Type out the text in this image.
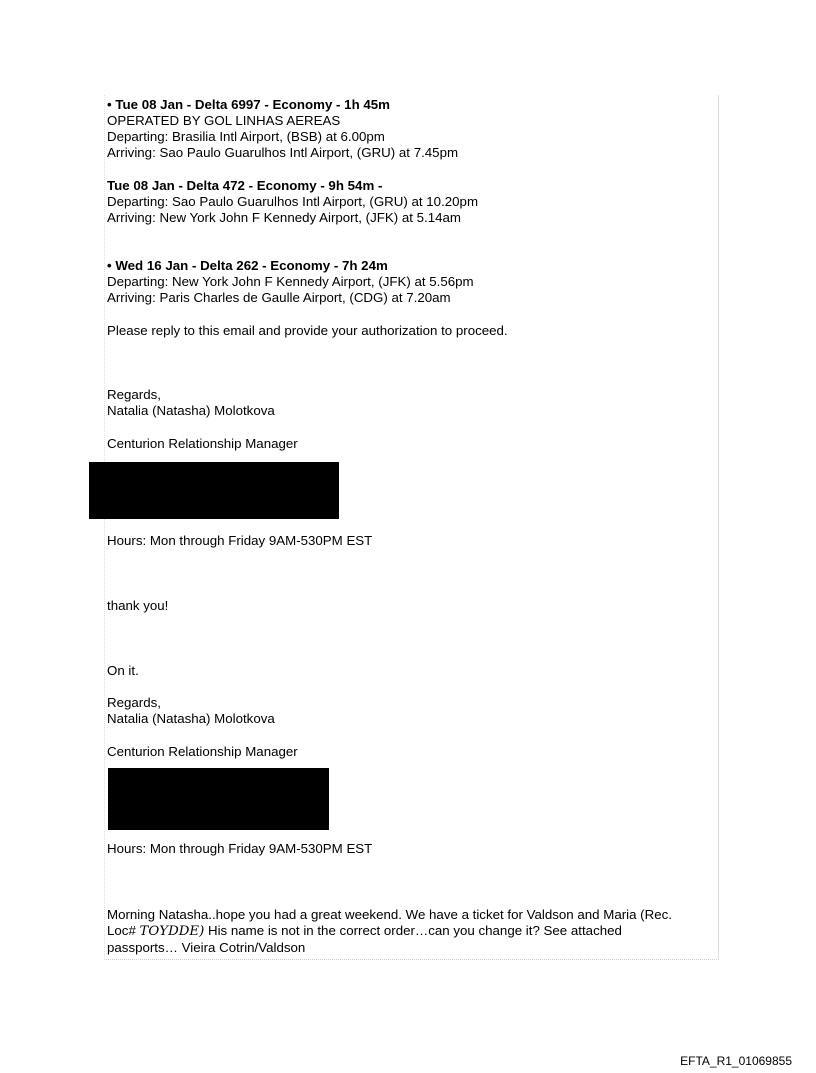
• Tue 08 Jan - Delta 6997 - Economy - 1h 45m
OPERATED BY GOL LINHAS AEREAS
Departing: Brasilia Intl Airport, (BSB) at 6.00pm
Arriving: Sao Paulo Guarulhos Intl Airport, (GRU) at 7.45pm
Tue 08 Jan - Delta 472 - Economy - 9h 54m -
Departing: Sao Paulo Guarulhos Intl Airport, (GRU) at 10.20pm
Arriving: New York John F Kennedy Airport, (JFK) at 5.14am
• Wed 16 Jan - Delta 262 - Economy - 7h 24m
Departing: New York John F Kennedy Airport, (JFK) at 5.56pm
Arriving: Paris Charles de Gaulle Airport, (CDG) at 7.20am
Please reply to this email and provide your authorization to proceed.
Regards,
Natalia (Natasha) Molotkova
Centurion Relationship Manager
Hours: Mon through Friday 9AM-530PM EST
thank you!
On it.
Regards,
Natalia (Natasha) Molotkova
Centurion Relationship Manager
Hours: Mon through Friday 9AM-530PM EST
Morning Natasha..hope you had a great weekend. We have a ticket for Valdson and Maria (Rec.
Loc# TOYDDE) His name is not in the correct order…can you change it? See attached
passports… Vieira Cotrin/Valdson
EFTA_R1_01069855
